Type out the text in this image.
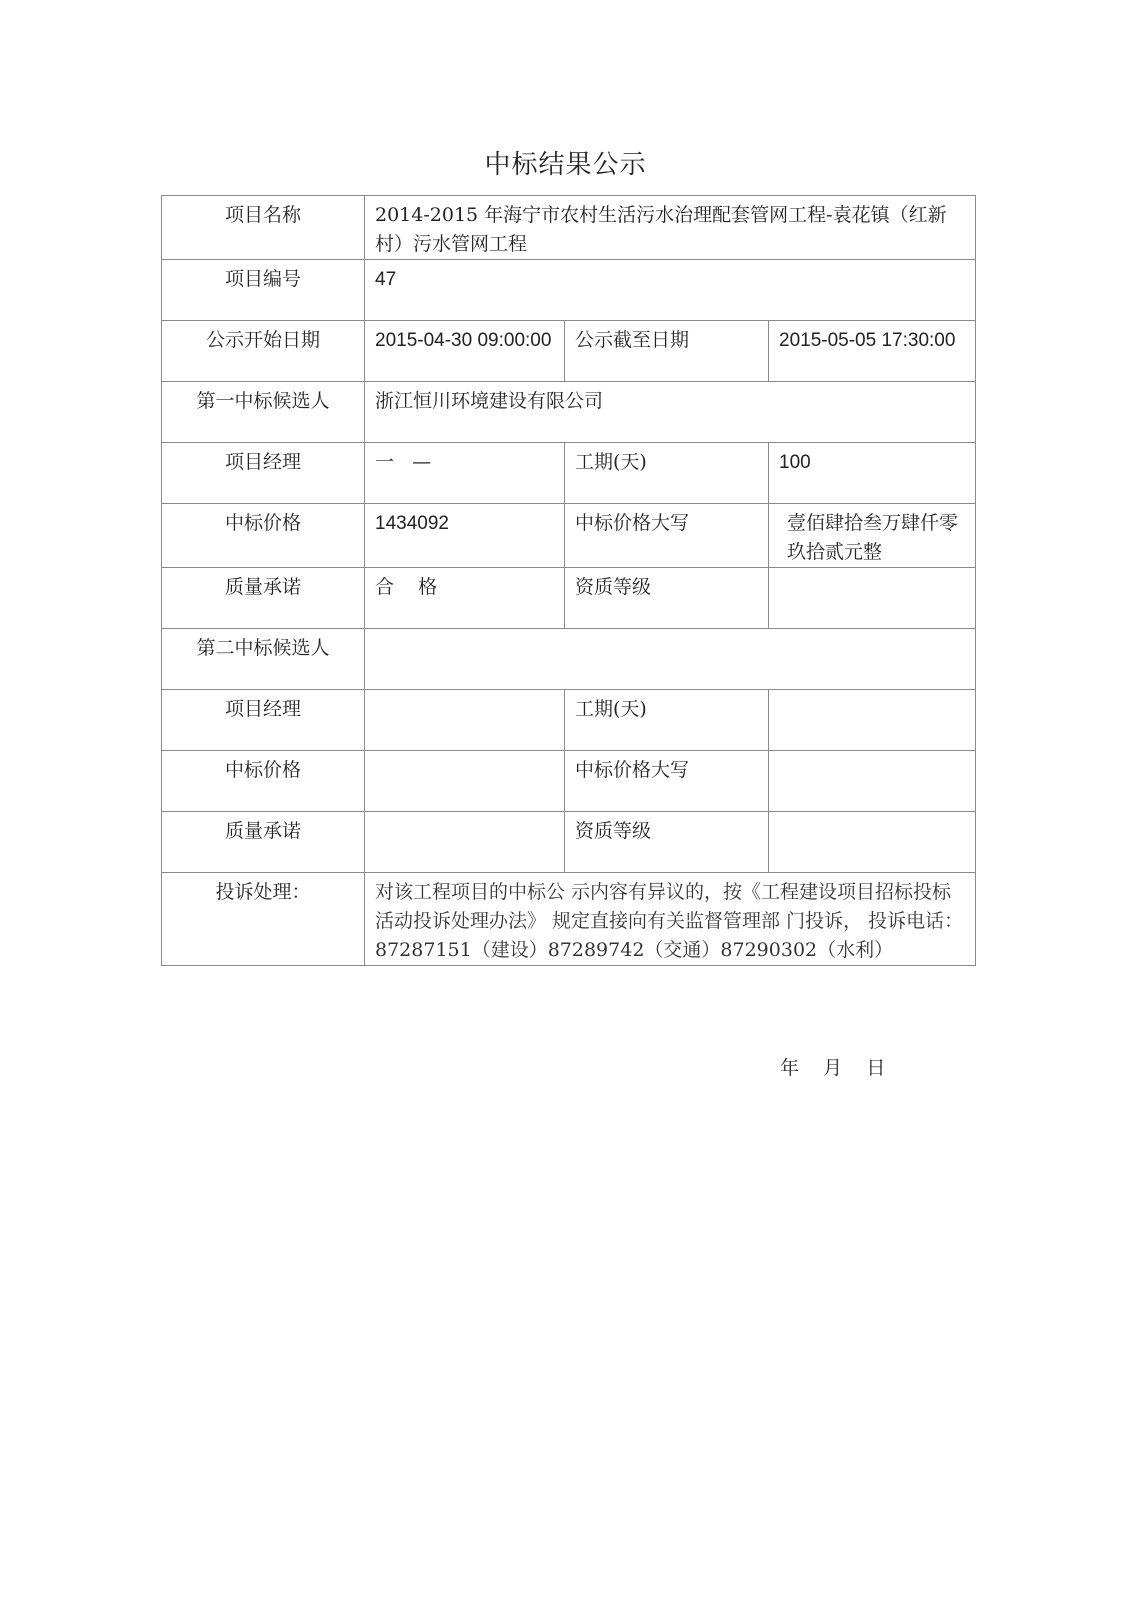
中标结果公示
项目名称	2014-2015 年海宁市农村生活污水治理配套管网工程-袁花镇（红新村）污水管网工程		
项目编号	47		
公示开始日期	2015-04-30 09:00:00	公示截至日期	2015-05-05 17:30:00
第一中标候选人	浙江恒川环境建设有限公司		
项目经理	一   —	工期(天)	100
中标价格	1434092	中标价格大写	壹佰肆拾叁万肆仟零玖拾贰元整
质量承诺	合    格	资质等级	
第二中标候选人			
项目经理		工期(天)	
中标价格		中标价格大写	
质量承诺		资质等级	
投诉处理：	对该工程项目的中标公 示内容有异议的，按《工程建设项目招标投标活动投诉处理办法》 规定直接向有关监督管理部 门投诉， 投诉电话：87287151（建设）87289742（交通）87290302（水利）		
年    月    日
